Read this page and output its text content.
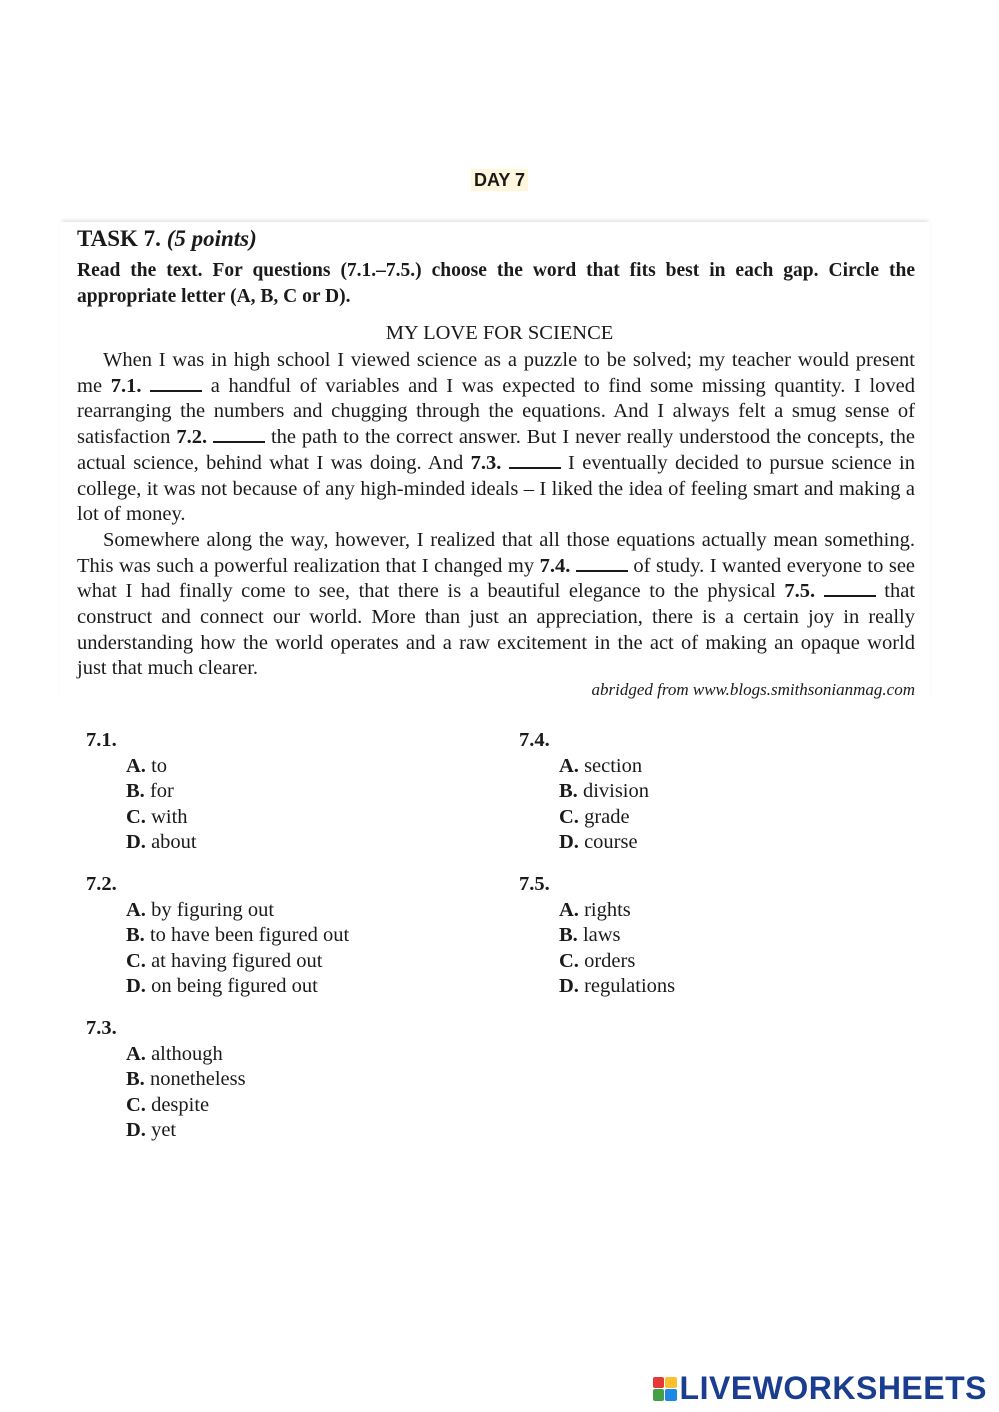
DAY 7
TASK 7. (5 points)
Read the text. For questions (7.1.–7.5.) choose the word that fits best in each gap. Circle the appropriate letter (A, B, C or D).
MY LOVE FOR SCIENCE

When I was in high school I viewed science as a puzzle to be solved; my teacher would present me 7.1.	a handful of variables and I was expected to find some missing quantity. I loved rearranging the numbers and chugging through the equations. And I always felt a smug sense of satisfaction 7.2.	the path to the correct answer. But I never really understood the concepts, the actual science, behind what I was doing. And 7.3.	I eventually decided to pursue science in college, it was not because of any high-minded ideals – I liked the idea of feeling smart and making a lot of money.

Somewhere along the way, however, I realized that all those equations actually mean something. This was such a powerful realization that I changed my 7.4.	of study. I wanted everyone to see what I had finally come to see, that there is a beautiful elegance to the physical 7.5.	that construct and connect our world. More than just an appreciation, there is a certain joy in really understanding how the world operates and a raw excitement in the act of making an opaque world just that much clearer.

abridged from www.blogs.smithsonianmag.com
7.1.
A. to
B. for
C. with
D. about
7.2.
A. by figuring out
B. to have been figured out
C. at having figured out
D. on being figured out
7.3.
A. although
B. nonetheless
C. despite
D. yet
7.4.
A. section
B. division
C. grade
D. course
7.5.
A. rights
B. laws
C. orders
D. regulations
LIVEWORKSHEETS
